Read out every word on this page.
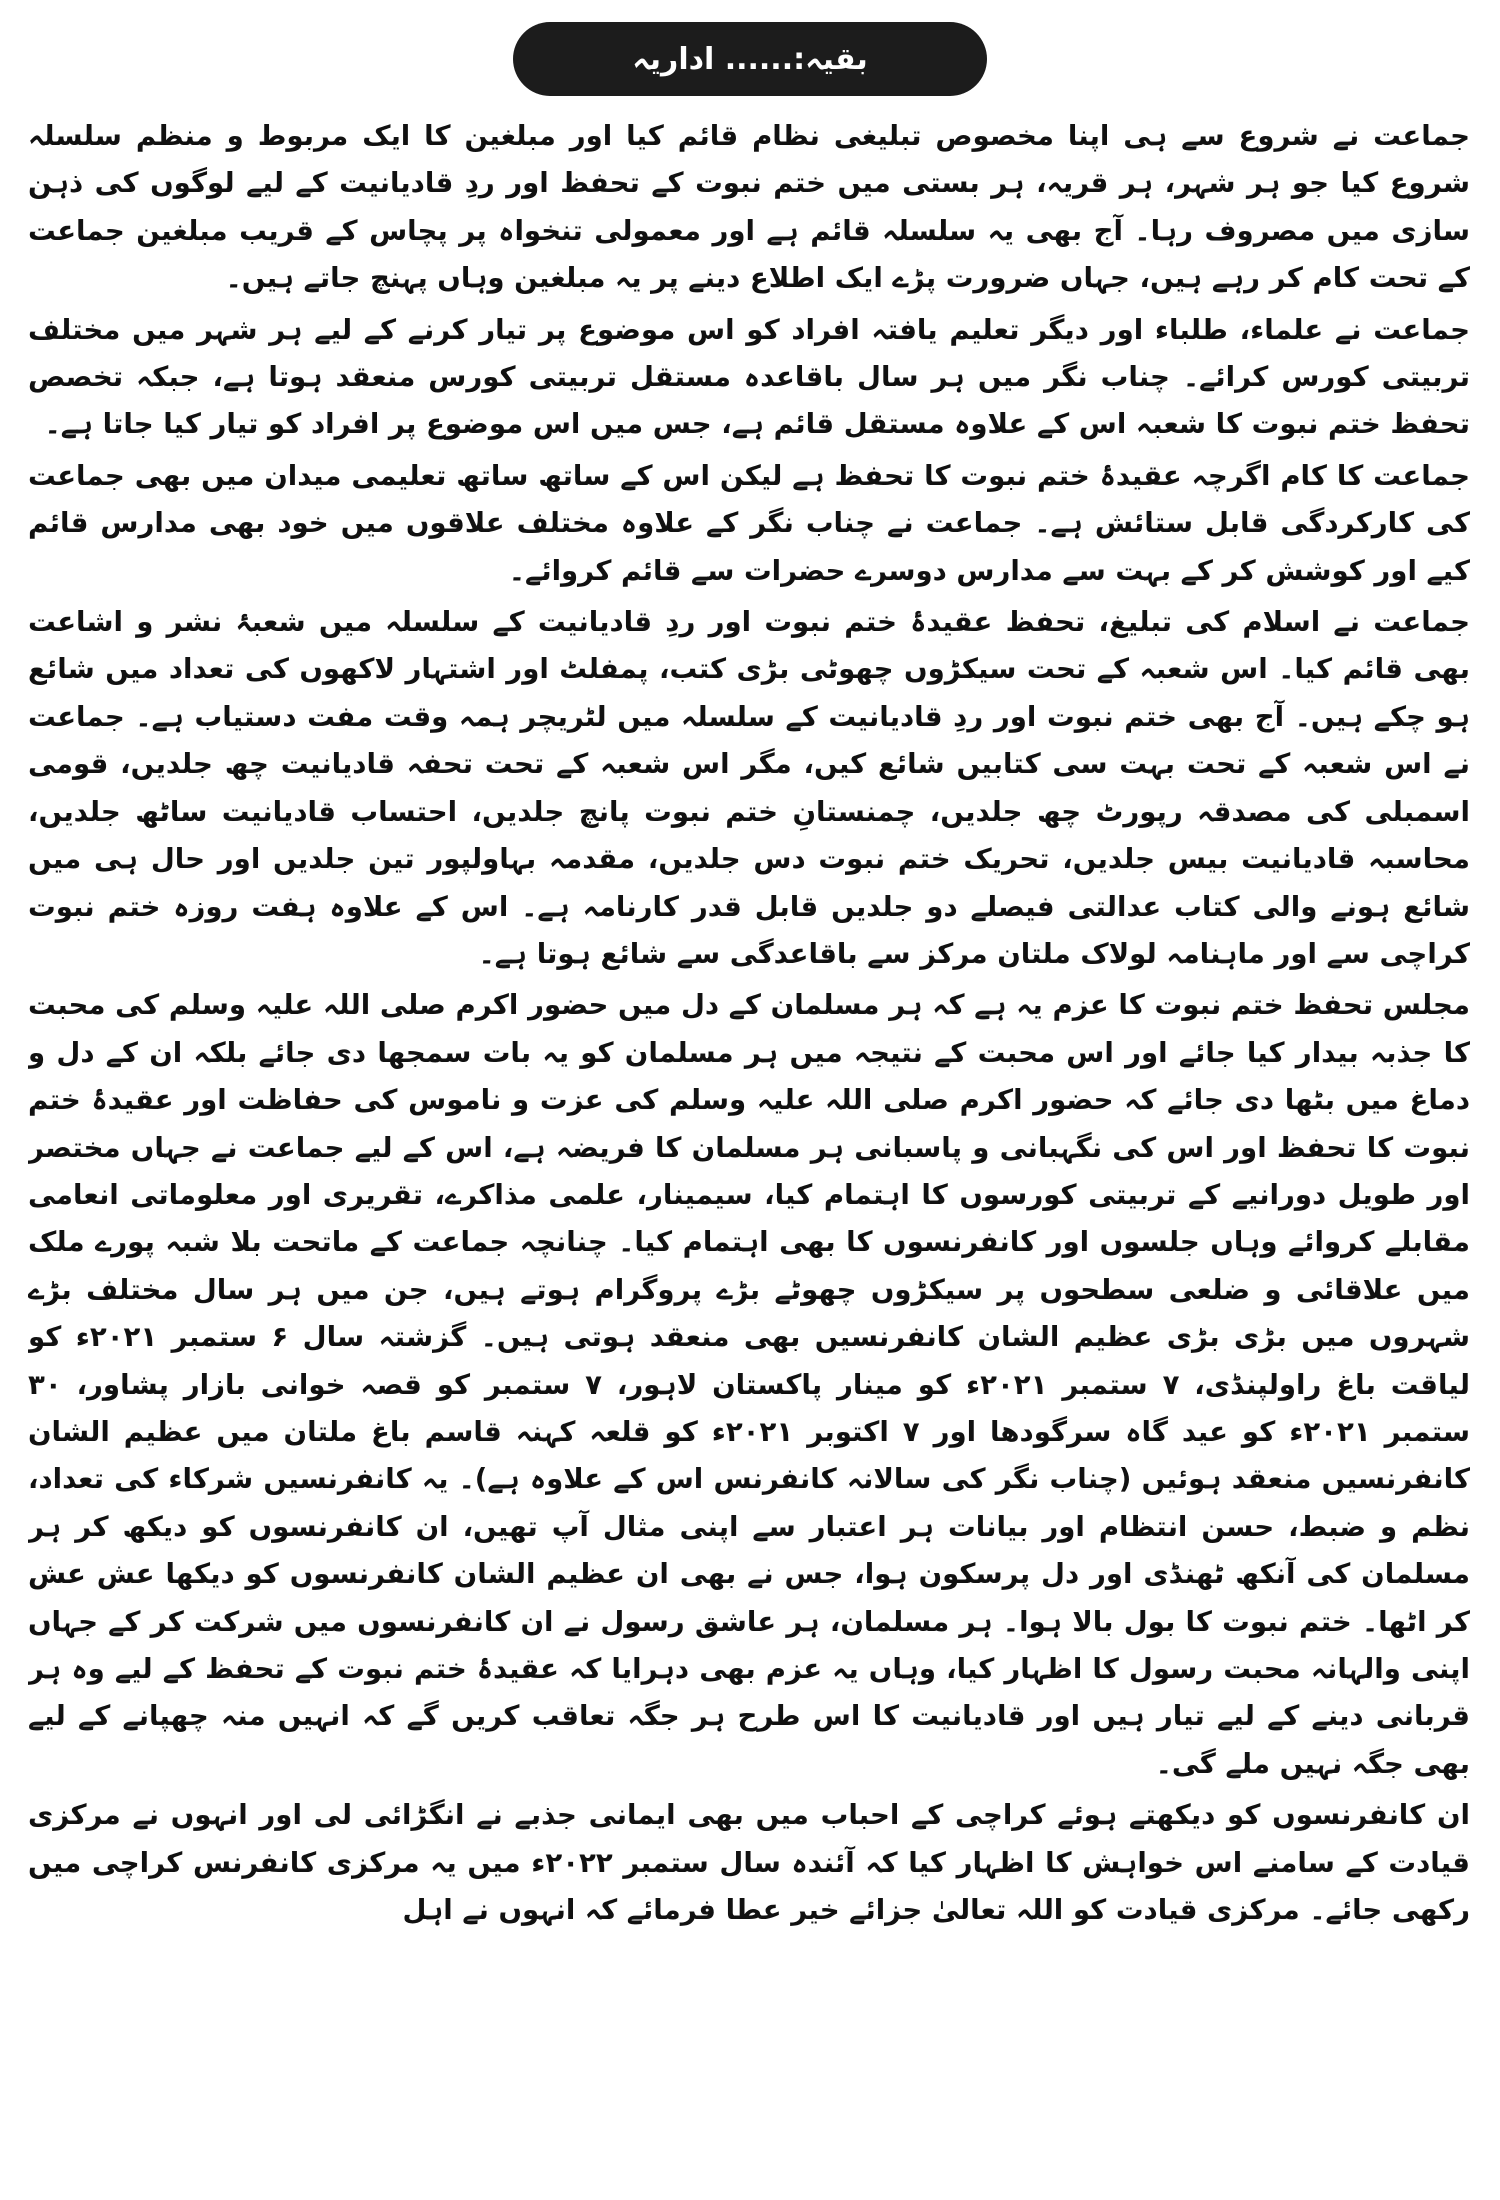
بقیہ:...... اداریہ

جماعت نے شروع سے ہی اپنا مخصوص تبلیغی نظام قائم کیا اور مبلغین کا ایک مربوط و منظم سلسلہ شروع کیا جو ہر شہر، ہر قریہ، ہر بستی میں ختم نبوت کے تحفظ اور ردِ قادیانیت کے لیے لوگوں کی ذہن سازی میں مصروف رہا۔ آج بھی یہ سلسلہ قائم ہے اور معمولی تنخواہ پر پچاس کے قریب مبلغین جماعت کے تحت کام کر رہے ہیں، جہاں ضرورت پڑے ایک اطلاع دینے پر یہ مبلغین وہاں پہنچ جاتے ہیں۔

جماعت نے علماء، طلباء اور دیگر تعلیم یافتہ افراد کو اس موضوع پر تیار کرنے کے لیے ہر شہر میں مختلف تربیتی کورس کرائے۔ چناب نگر میں ہر سال باقاعدہ مستقل تربیتی کورس منعقد ہوتا ہے، جبکہ تخصص تحفظ ختم نبوت کا شعبہ اس کے علاوہ مستقل قائم ہے، جس میں اس موضوع پر افراد کو تیار کیا جاتا ہے۔

جماعت کا کام اگرچہ عقیدۂ ختم نبوت کا تحفظ ہے لیکن اس کے ساتھ ساتھ تعلیمی میدان میں بھی جماعت کی کارکردگی قابل ستائش ہے۔ جماعت نے چناب نگر کے علاوہ مختلف علاقوں میں خود بھی مدارس قائم کیے اور کوشش کر کے بہت سے مدارس دوسرے حضرات سے قائم کروائے۔

جماعت نے اسلام کی تبلیغ، تحفظ عقیدۂ ختم نبوت اور ردِ قادیانیت کے سلسلہ میں شعبۂ نشر و اشاعت بھی قائم کیا۔ اس شعبہ کے تحت سیکڑوں چھوٹی بڑی کتب، پمفلٹ اور اشتہار لاکھوں کی تعداد میں شائع ہو چکے ہیں۔ آج بھی ختم نبوت اور ردِ قادیانیت کے سلسلہ میں لٹریچر ہمہ وقت مفت دستیاب ہے۔ جماعت نے اس شعبہ کے تحت بہت سی کتابیں شائع کیں، مگر اس شعبہ کے تحت تحفہ قادیانیت چھ جلدیں، قومی اسمبلی کی مصدقہ رپورٹ چھ جلدیں، چمنستانِ ختم نبوت پانچ جلدیں، احتساب قادیانیت ساٹھ جلدیں، محاسبہ قادیانیت بیس جلدیں، تحریک ختم نبوت دس جلدیں، مقدمہ بہاولپور تین جلدیں اور حال ہی میں شائع ہونے والی کتاب عدالتی فیصلے دو جلدیں قابل قدر کارنامہ ہے۔ اس کے علاوہ ہفت روزہ ختم نبوت کراچی سے اور ماہنامہ لولاک ملتان مرکز سے باقاعدگی سے شائع ہوتا ہے۔

مجلس تحفظ ختم نبوت کا عزم یہ ہے کہ ہر مسلمان کے دل میں حضور اکرم صلی اللہ علیہ وسلم کی محبت کا جذبہ بیدار کیا جائے اور اس محبت کے نتیجہ میں ہر مسلمان کو یہ بات سمجھا دی جائے بلکہ ان کے دل و دماغ میں بٹھا دی جائے کہ حضور اکرم صلی اللہ علیہ وسلم کی عزت و ناموس کی حفاظت اور عقیدۂ ختم نبوت کا تحفظ اور اس کی نگہبانی و پاسبانی ہر مسلمان کا فریضہ ہے، اس کے لیے جماعت نے جہاں مختصر اور طویل دورانیے کے تربیتی کورسوں کا اہتمام کیا، سیمینار، علمی مذاکرے، تقریری اور معلوماتی انعامی مقابلے کروائے وہاں جلسوں اور کانفرنسوں کا بھی اہتمام کیا۔ چنانچہ جماعت کے ماتحت بلا شبہ پورے ملک میں علاقائی و ضلعی سطحوں پر سیکڑوں چھوٹے بڑے پروگرام ہوتے ہیں، جن میں ہر سال مختلف بڑے شہروں میں بڑی بڑی عظیم الشان کانفرنسیں بھی منعقد ہوتی ہیں۔ گزشتہ سال ۶ ستمبر ۲۰۲۱ء کو لیاقت باغ راولپنڈی، ۷ ستمبر ۲۰۲۱ء کو مینار پاکستان لاہور، ۷ ستمبر کو قصہ خوانی بازار پشاور، ۳۰ ستمبر ۲۰۲۱ء کو عید گاہ سرگودھا اور ۷ اکتوبر ۲۰۲۱ء کو قلعہ کہنہ قاسم باغ ملتان میں عظیم الشان کانفرنسیں منعقد ہوئیں (چناب نگر کی سالانہ کانفرنس اس کے علاوہ ہے)۔ یہ کانفرنسیں شرکاء کی تعداد، نظم و ضبط، حسن انتظام اور بیانات ہر اعتبار سے اپنی مثال آپ تھیں، ان کانفرنسوں کو دیکھ کر ہر مسلمان کی آنکھ ٹھنڈی اور دل پرسکون ہوا، جس نے بھی ان عظیم الشان کانفرنسوں کو دیکھا عش عش کر اٹھا۔ ختم نبوت کا بول بالا ہوا۔ ہر مسلمان، ہر عاشق رسول نے ان کانفرنسوں میں شرکت کر کے جہاں اپنی والہانہ محبت رسول کا اظہار کیا، وہاں یہ عزم بھی دہرایا کہ عقیدۂ ختم نبوت کے تحفظ کے لیے وہ ہر قربانی دینے کے لیے تیار ہیں اور قادیانیت کا اس طرح ہر جگہ تعاقب کریں گے کہ انہیں منہ چھپانے کے لیے بھی جگہ نہیں ملے گی۔

ان کانفرنسوں کو دیکھتے ہوئے کراچی کے احباب میں بھی ایمانی جذبے نے انگڑائی لی اور انہوں نے مرکزی قیادت کے سامنے اس خواہش کا اظہار کیا کہ آئندہ سال ستمبر ۲۰۲۲ء میں یہ مرکزی کانفرنس کراچی میں رکھی جائے۔ مرکزی قیادت کو اللہ تعالیٰ جزائے خیر عطا فرمائے کہ انہوں نے اہل
